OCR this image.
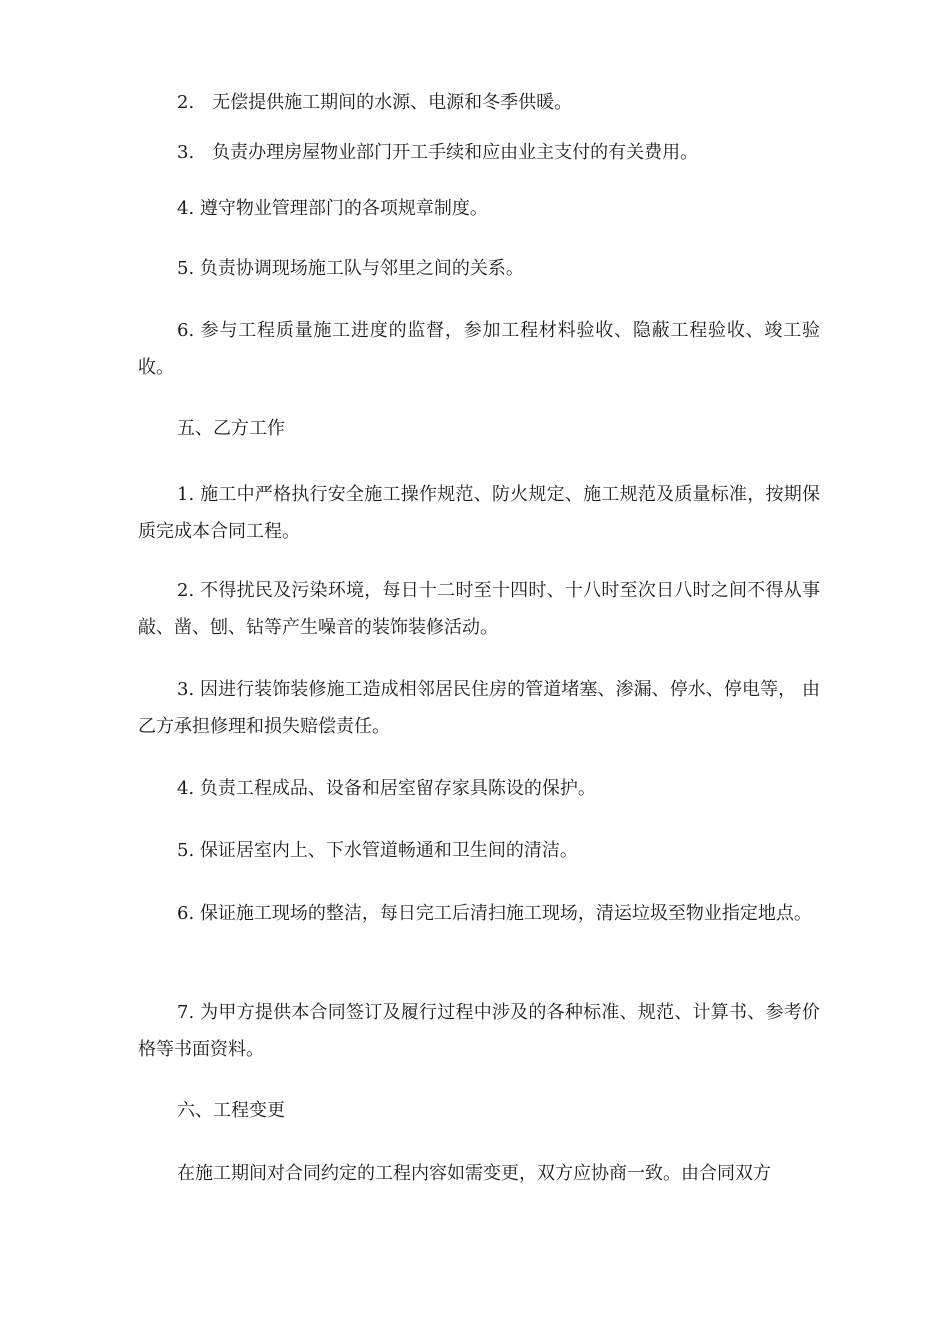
2.　无偿提供施工期间的水源、电源和冬季供暖。
3.　负责办理房屋物业部门开工手续和应由业主支付的有关费用。
4. 遵守物业管理部门的各项规章制度。
5. 负责协调现场施工队与邻里之间的关系。
6. 参与工程质量施工进度的监督，参加工程材料验收、隐蔽工程验收、竣工验收。
五、乙方工作
1. 施工中严格执行安全施工操作规范、防火规定、施工规范及质量标准，按期保质完成本合同工程。
2. 不得扰民及污染环境，每日十二时至十四时、十八时至次日八时之间不得从事敲、凿、刨、钻等产生噪音的装饰装修活动。
3. 因进行装饰装修施工造成相邻居民住房的管道堵塞、渗漏、停水、停电等， 由乙方承担修理和损失赔偿责任。
4. 负责工程成品、设备和居室留存家具陈设的保护。
5. 保证居室内上、下水管道畅通和卫生间的清洁。
6. 保证施工现场的整洁，每日完工后清扫施工现场，清运垃圾至物业指定地点。
7. 为甲方提供本合同签订及履行过程中涉及的各种标准、规范、计算书、参考价格等书面资料。
六、工程变更
在施工期间对合同约定的工程内容如需变更，双方应协商一致。由合同双方
